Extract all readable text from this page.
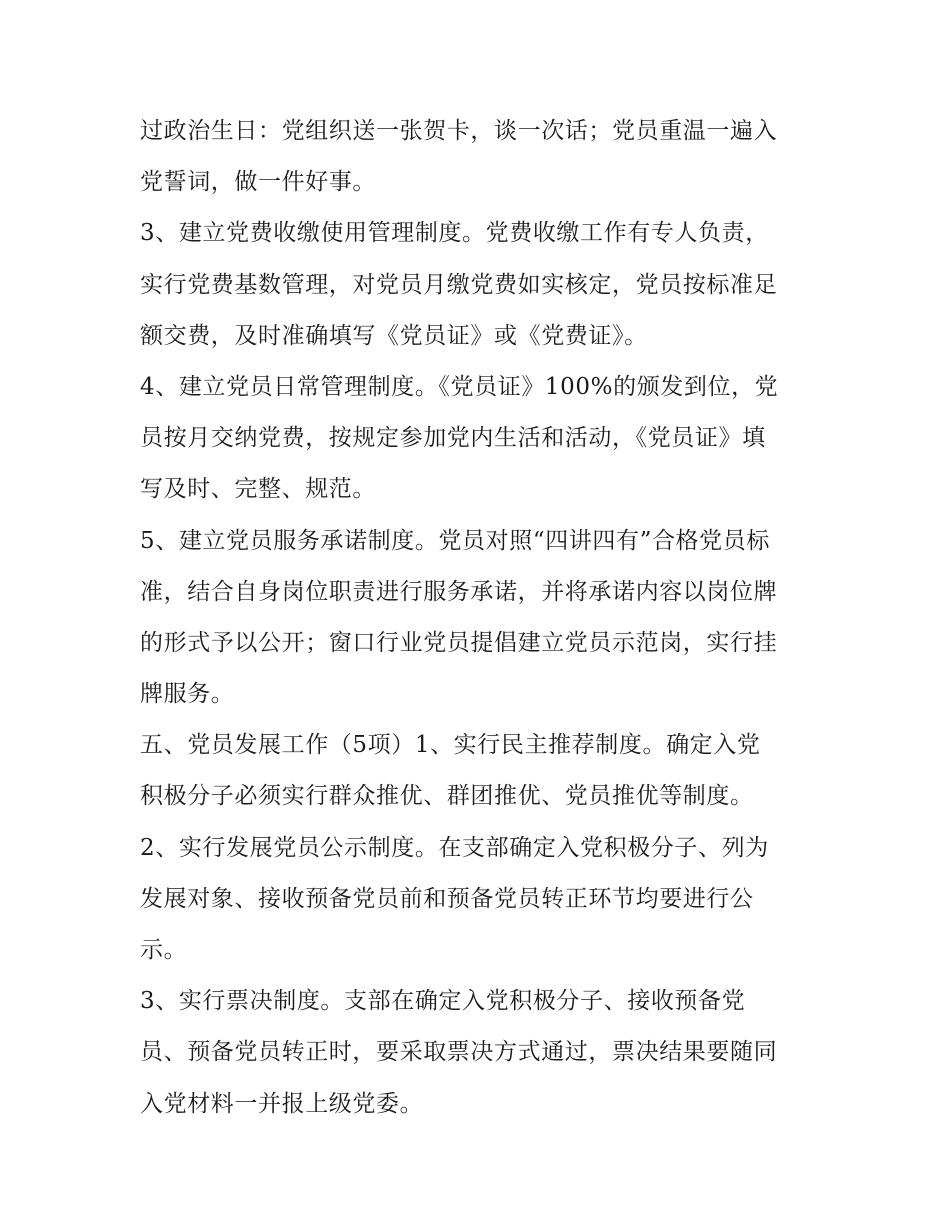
过政治生日：党组织送一张贺卡，谈一次话；党员重温一遍入
党誓词，做一件好事。
3、建立党费收缴使用管理制度。党费收缴工作有专人负责，
实行党费基数管理，对党员月缴党费如实核定，党员按标准足
额交费，及时准确填写《党员证》或《党费证》。
4、建立党员日常管理制度。《党员证》100%的颁发到位，党
员按月交纳党费，按规定参加党内生活和活动，《党员证》填
写及时、完整、规范。
5、建立党员服务承诺制度。党员对照“四讲四有”合格党员标
准，结合自身岗位职责进行服务承诺，并将承诺内容以岗位牌
的形式予以公开；窗口行业党员提倡建立党员示范岗，实行挂
牌服务。
五、党员发展工作（5项）1、实行民主推荐制度。确定入党
积极分子必须实行群众推优、群团推优、党员推优等制度。
2、实行发展党员公示制度。在支部确定入党积极分子、列为
发展对象、接收预备党员前和预备党员转正环节均要进行公
示。
3、实行票决制度。支部在确定入党积极分子、接收预备党
员、预备党员转正时，要采取票决方式通过，票决结果要随同
入党材料一并报上级党委。
